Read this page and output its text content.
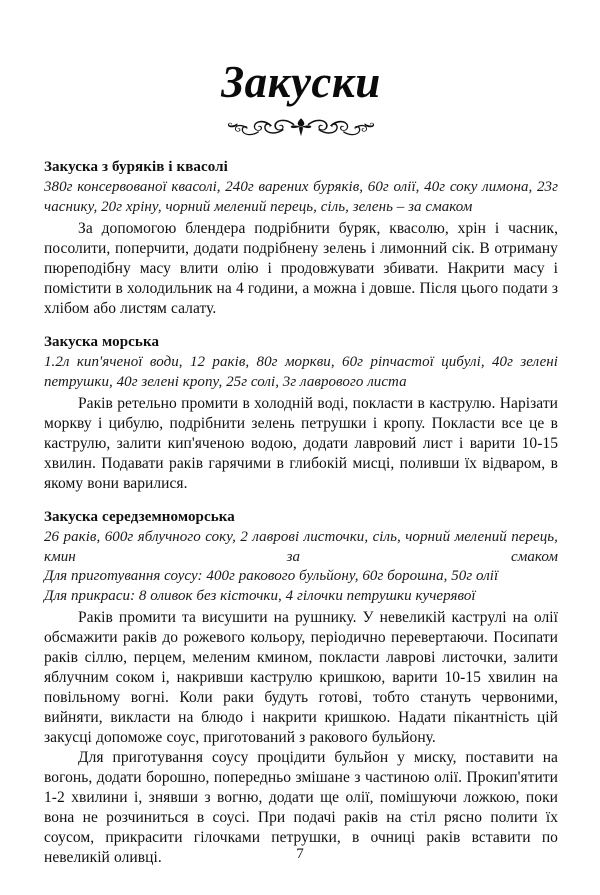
Закуски
Закуска з буряків і квасолі

380г консервованої квасолі, 240г варених буряків, 60г олії, 40г соку лимона, 23г часнику, 20г хріну, чорний мелений перець, сіль, зелень – за смаком

За допомогою блендера подрібнити буряк, квасолю, хрін і часник, посолити, поперчити, додати подрібнену зелень і лимонний сік. В отриману пюреподібну масу влити олію і продовжувати збивати. Накрити масу і помістити в холодильник на 4 години, а можна і довше. Після цього подати з хлібом або листям салату.

Закуска морська

1.2л кип'яченої води, 12 раків, 80г моркви, 60г ріпчастої цибулі, 40г зелені петрушки, 40г зелені кропу, 25г солі, 3г лаврового листа

Раків ретельно промити в холодній воді, покласти в каструлю. Нарізати моркву і цибулю, подрібнити зелень петрушки і кропу. Покласти все це в каструлю, залити кип'яченою водою, додати лавровий лист і варити 10-15 хвилин. Подавати раків гарячими в глибокій мисці, поливши їх відваром, в якому вони варилися.

Закуска середземноморська

26 раків, 600г яблучного соку, 2 лаврові листочки, сіль, чорний мелений перець, кмин за смаком

Для приготування соусу: 400г ракового бульйону, 60г борошна, 50г олії

Для прикраси: 8 оливок без кісточки, 4 гілочки петрушки кучерявої

Раків промити та висушити на рушнику. У невеликій каструлі на олії обсмажити раків до рожевого кольору, періодично перевертаючи. Посипати раків сіллю, перцем, меленим кмином, покласти лаврові листочки, залити яблучним соком і, накривши каструлю кришкою, варити 10-15 хвилин на повільному вогні. Коли раки будуть готові, тобто стануть червоними, вийняти, викласти на блюдо і накрити кришкою. Надати пікантність цій закусці допоможе соус, приготований з ракового бульйону.

Для приготування соусу процідити бульйон у миску, поставити на вогонь, додати борошно, попередньо змішане з частиною олії. Прокип'ятити 1-2 хвилини і, знявши з вогню, додати ще олії, помішуючи ложкою, поки вона не розчиниться в соусі. При подачі раків на стіл рясно полити їх соусом, прикрасити гілочками петрушки, в очниці раків вставити по невеликій оливці.	7
